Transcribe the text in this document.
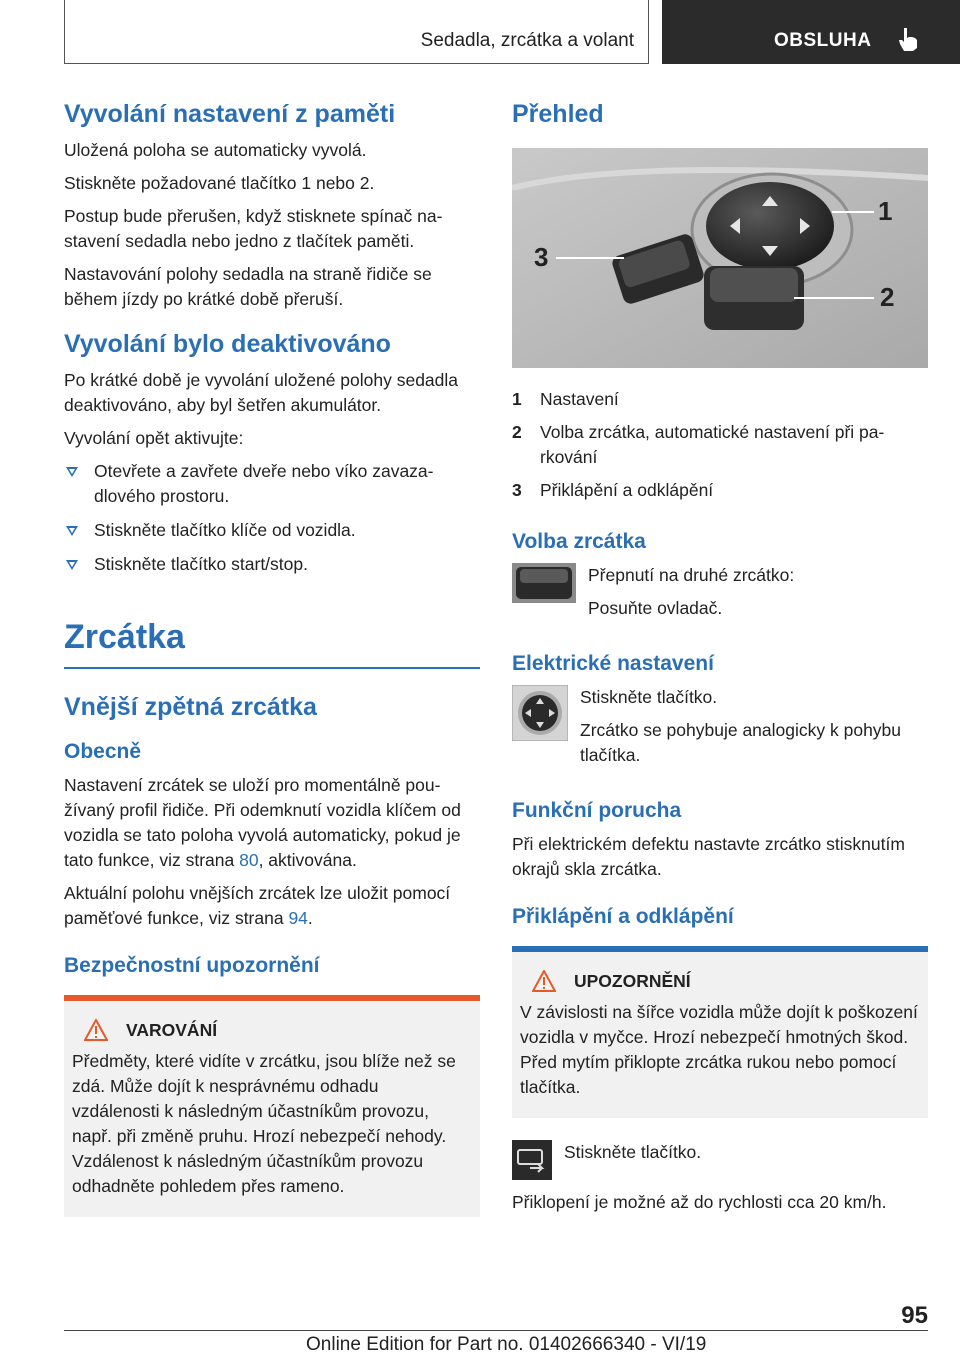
Sedadla, zrcátka a volant	OBSLUHA
Vyvolání nastavení z paměti

Uložená poloha se automaticky vyvolá.

Stiskněte požadované tlačítko 1 nebo 2.

Postup bude přerušen, když stisknete spínač nastavení sedadla nebo jedno z tlačítek paměti.

Nastavování polohy sedadla na straně řidiče se během jízdy po krátké době přeruší.

Vyvolání bylo deaktivováno

Po krátké době je vyvolání uložené polohy sedadla deaktivováno, aby byl šetřen akumulátor.

Vyvolání opět aktivujte:

Otevřete a zavřete dveře nebo víko zavazadlového prostoru.
Stiskněte tlačítko klíče od vozidla.
Stiskněte tlačítko start/stop.
Zrcátka
Vnější zpětná zrcátka
Obecně

Nastavení zrcátek se uloží pro momentálně používaný profil řidiče. Při odemknutí vozidla klíčem od vozidla se tato poloha vyvolá automaticky, pokud je tato funkce, viz strana 80, aktivována.

Aktuální polohu vnějších zrcátek lze uložit pomocí paměťové funkce, viz strana 94.

Bezpečnostní upozornění
VAROVÁNÍ

Předměty, které vidíte v zrcátku, jsou blíže než se zdá. Může dojít k nesprávnému odhadu vzdálenosti k následným účastníkům provozu, např. při změně pruhu. Hrozí nebezpečí nehody. Vzdálenost k následným účastníkům provozu odhadněte pohledem přes rameno.

Přehled
1
2
3
1	Nastavení
2	Volba zrcátka, automatické nastavení při parkování
3	Přiklápění a odklápění
Volba zrcátka

Přepnutí na druhé zrcátko:

Posuňte ovladač.

Elektrické nastavení

Stiskněte tlačítko.

Zrcátko se pohybuje analogicky k pohybu tlačítka.

Funkční porucha

Při elektrickém defektu nastavte zrcátko stisknutím okrajů skla zrcátka.

Přiklápění a odklápění
UPOZORNĚNÍ

V závislosti na šířce vozidla může dojít k poškození vozidla v myčce. Hrozí nebezpečí hmotných škod. Před mytím přiklopte zrcátka rukou nebo pomocí tlačítka.

Stiskněte tlačítko.

Přiklopení je možné až do rychlosti cca 20 km/h.

95
Online Edition for Part no. 01402666340 - VI/19
